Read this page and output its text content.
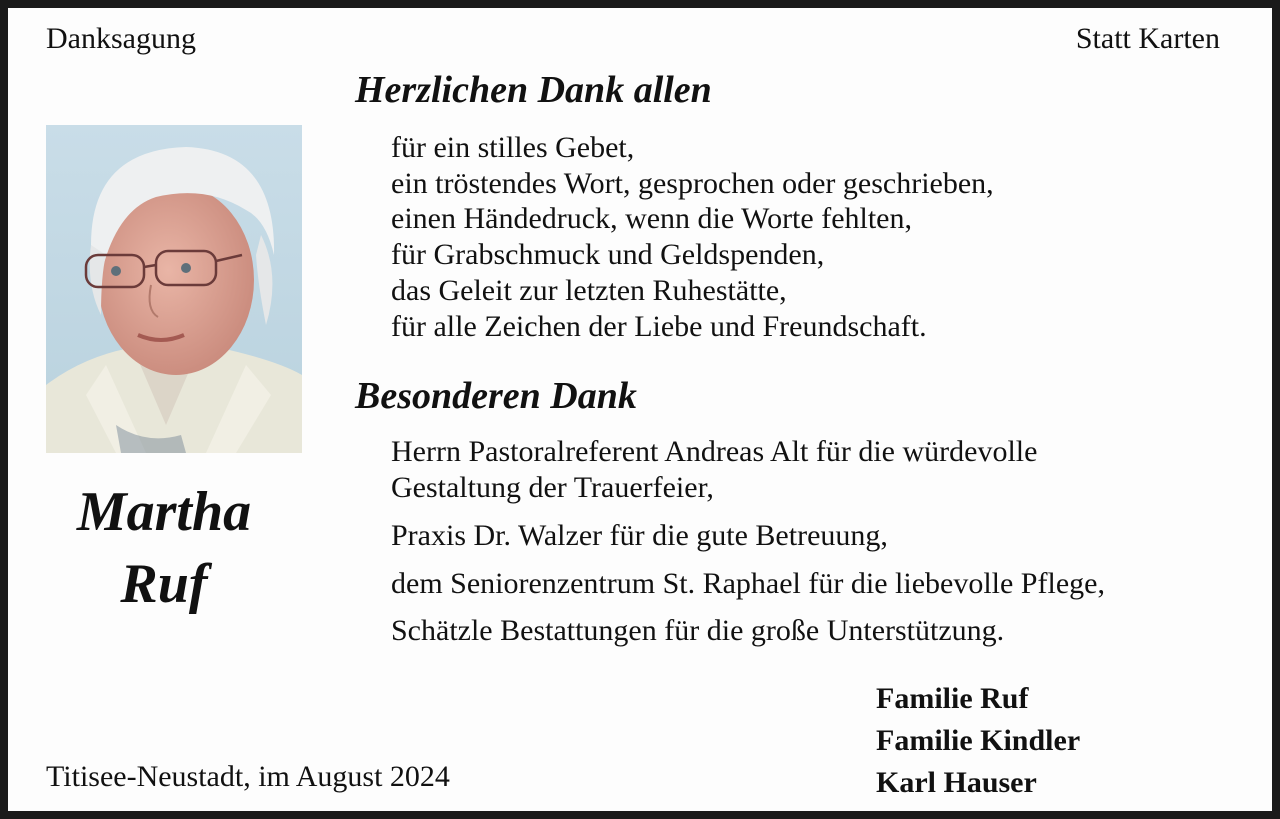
Danksagung	Statt Karten
Martha
Ruf
Herzlichen Dank allen
für ein stilles Gebet,
ein tröstendes Wort, gesprochen oder geschrieben,
einen Händedruck, wenn die Worte fehlten,
für Grabschmuck und Geldspenden,
das Geleit zur letzten Ruhestätte,
für alle Zeichen der Liebe und Freundschaft.
Besonderen Dank
Herrn Pastoralreferent Andreas Alt für die würdevolle
Gestaltung der Trauerfeier,
Praxis Dr. Walzer für die gute Betreuung,
dem Seniorenzentrum St. Raphael für die liebevolle Pflege,
Schätzle Bestattungen für die große Unterstützung.
Titisee-Neustadt, im August 2024
Familie Ruf
Familie Kindler
Karl Hauser
